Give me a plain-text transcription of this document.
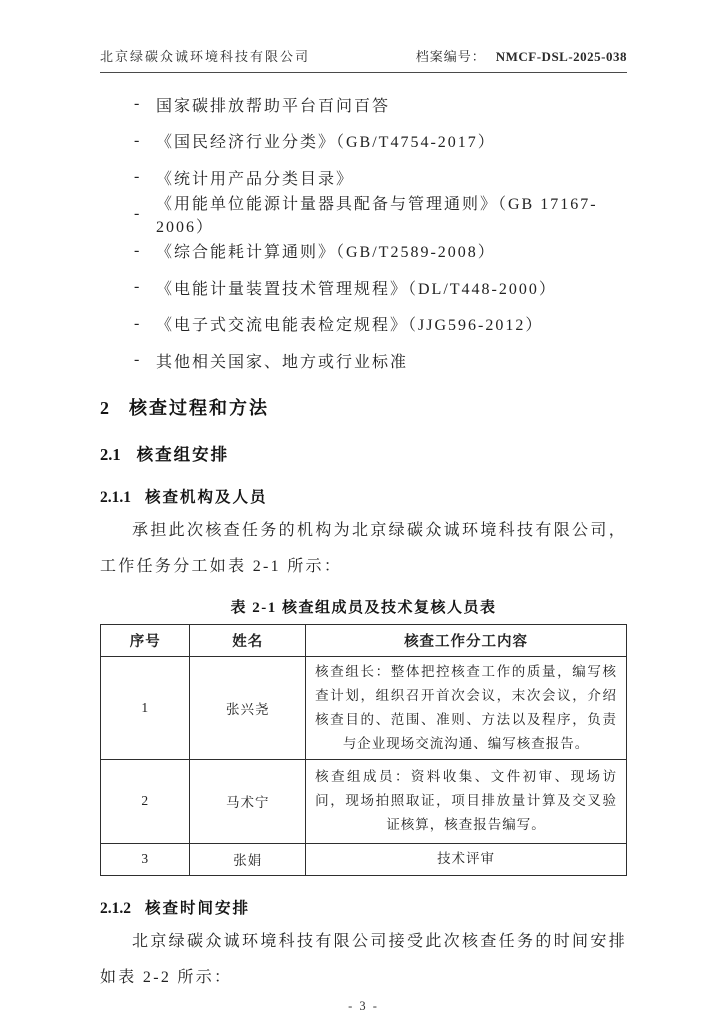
北京绿碳众诚环境科技有限公司	档案编号： NMCF-DSL-2025-038
-	国家碳排放帮助平台百问百答
-	《国民经济行业分类》（GB/T4754-2017）
-	《统计用产品分类目录》
-
《用能单位能源计量器具配备与管理通则》（GB 17167-2006）
-	《综合能耗计算通则》（GB/T2589-2008）
-	《电能计量装置技术管理规程》（DL/T448-2000）
-	《电子式交流电能表检定规程》（JJG596-2012）
-	其他相关国家、地方或行业标准
2 核查过程和方法
2.1 核查组安排
2.1.1 核查机构及人员
承担此次核查任务的机构为北京绿碳众诚环境科技有限公司，工作任务分工如表 2-1 所示：
表 2-1 核查组成员及技术复核人员表
序号	姓名	核查工作分工内容
1	张兴尧	核查组长：整体把控核查工作的质量，编写核查计划，组织召开首次会议，末次会议，介绍核查目的、范围、准则、方法以及程序，负责与企业现场交流沟通、编写核查报告。
2	马术宁	核查组成员：资料收集、文件初审、现场访问，现场拍照取证，项目排放量计算及交叉验证核算，核查报告编写。
3	张娟	技术评审
2.1.2 核查时间安排
北京绿碳众诚环境科技有限公司接受此次核查任务的时间安排如表 2-2 所示：
- 3 -
